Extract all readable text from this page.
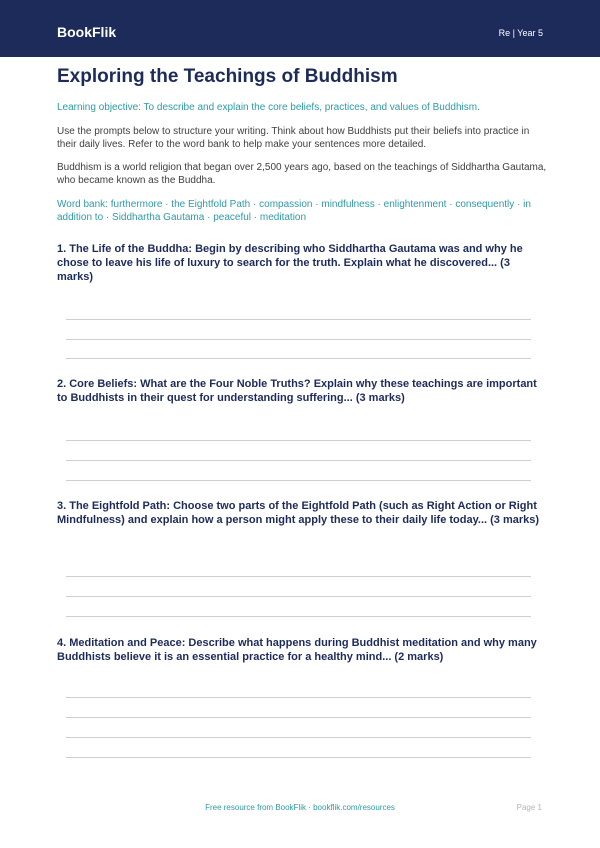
BookFlik	Re | Year 5
Exploring the Teachings of Buddhism
Learning objective: To describe and explain the core beliefs, practices, and values of Buddhism.
Use the prompts below to structure your writing. Think about how Buddhists put their beliefs into practice in their daily lives. Refer to the word bank to help make your sentences more detailed.
Buddhism is a world religion that began over 2,500 years ago, based on the teachings of Siddhartha Gautama, who became known as the Buddha.
Word bank: furthermore · the Eightfold Path · compassion · mindfulness · enlightenment · consequently · in addition to · Siddhartha Gautama · peaceful · meditation
1. The Life of the Buddha: Begin by describing who Siddhartha Gautama was and why he chose to leave his life of luxury to search for the truth. Explain what he discovered... (3 marks)
2. Core Beliefs: What are the Four Noble Truths? Explain why these teachings are important to Buddhists in their quest for understanding suffering... (3 marks)
3. The Eightfold Path: Choose two parts of the Eightfold Path (such as Right Action or Right Mindfulness) and explain how a person might apply these to their daily life today... (3 marks)
4. Meditation and Peace: Describe what happens during Buddhist meditation and why many Buddhists believe it is an essential practice for a healthy mind... (2 marks)
Free resource from BookFlik · bookflik.com/resources	Page 1
